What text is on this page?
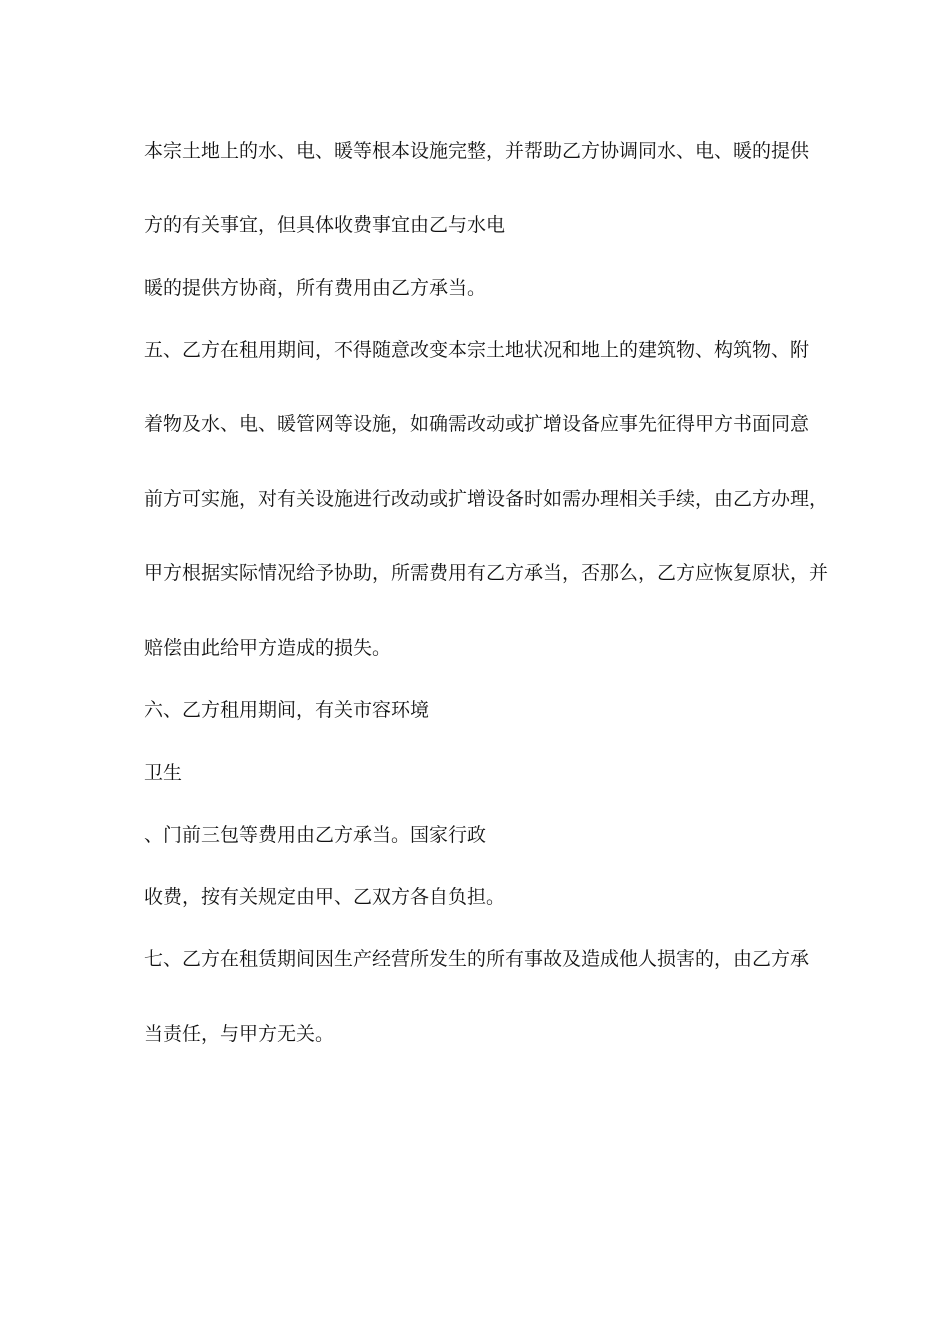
本宗土地上的水、电、暖等根本设施完整，并帮助乙方协调同水、电、暖的提供

方的有关事宜，但具体收费事宜由乙与水电

暖的提供方协商，所有费用由乙方承当。

五、乙方在租用期间，不得随意改变本宗土地状况和地上的建筑物、构筑物、附

着物及水、电、暖管网等设施，如确需改动或扩增设备应事先征得甲方书面同意

前方可实施，对有关设施进行改动或扩增设备时如需办理相关手续，由乙方办理，

甲方根据实际情况给予协助，所需费用有乙方承当，否那么，乙方应恢复原状，并

赔偿由此给甲方造成的损失。

六、乙方租用期间，有关市容环境

卫生

、门前三包等费用由乙方承当。国家行政

收费，按有关规定由甲、乙双方各自负担。

七、乙方在租赁期间因生产经营所发生的所有事故及造成他人损害的，由乙方承

当责任，与甲方无关。
